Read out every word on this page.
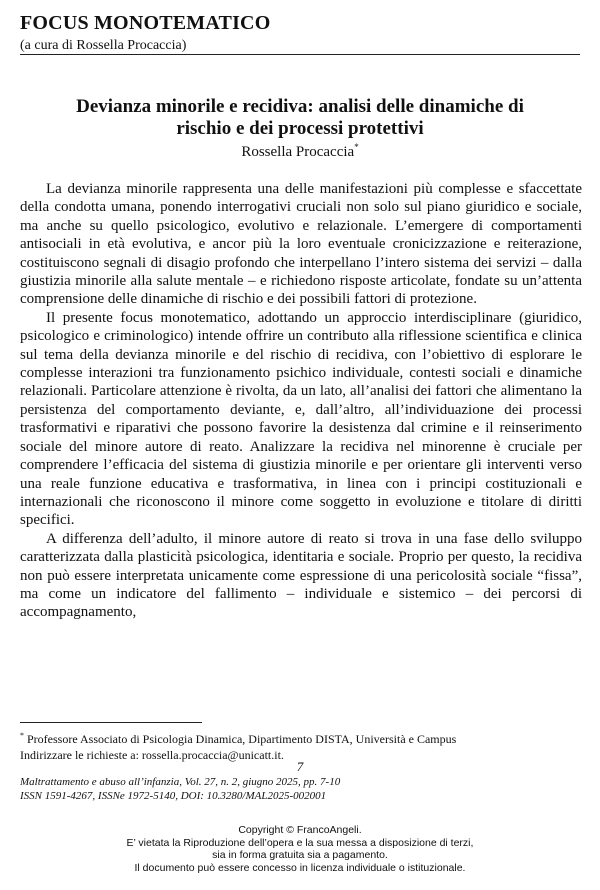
FOCUS MONOTEMATICO
(a cura di Rossella Procaccia)
Devianza minorile e recidiva: analisi delle dinamiche di
rischio e dei processi protettivi
Rossella Procaccia*

La devianza minorile rappresenta una delle manifestazioni più complesse e sfaccettate della condotta umana, ponendo interrogativi cruciali non solo sul piano giuridico e sociale, ma anche su quello psicologico, evolutivo e relazionale. L’emergere di comportamenti antisociali in età evolutiva, e ancor più la loro eventuale cronicizzazione e reiterazione, costituiscono segnali di disagio profondo che interpellano l’intero sistema dei servizi – dalla giustizia minorile alla salute mentale – e richiedono risposte articolate, fondate su un’attenta comprensione delle dinamiche di rischio e dei possibili fattori di protezione.

Il presente focus monotematico, adottando un approccio interdisciplinare (giuridico, psicologico e criminologico) intende offrire un contributo alla riflessione scientifica e clinica sul tema della devianza minorile e del rischio di recidiva, con l’obiettivo di esplorare le complesse interazioni tra funzionamento psichico individuale, contesti sociali e dinamiche relazionali. Particolare attenzione è rivolta, da un lato, all’analisi dei fattori che alimentano la persistenza del comportamento deviante, e, dall’altro, all’individuazione dei processi trasformativi e riparativi che possono favorire la desistenza dal crimine e il reinserimento sociale del minore autore di reato. Analizzare la recidiva nel minorenne è cruciale per comprendere l’efficacia del sistema di giustizia minorile e per orientare gli interventi verso una reale funzione educativa e trasformativa, in linea con i principi costituzionali e internazionali che riconoscono il minore come soggetto in evoluzione e titolare di diritti specifici.

A differenza dell’adulto, il minore autore di reato si trova in una fase dello sviluppo caratterizzata dalla plasticità psicologica, identitaria e sociale. Proprio per questo, la recidiva non può essere interpretata unicamente come espressione di una pericolosità sociale “fissa”, ma come un indicatore del fallimento – individuale e sistemico – dei percorsi di accompagnamento,

* Professore Associato di Psicologia Dinamica, Dipartimento DISTA, Università e Campus
Indirizzare le richieste a: rossella.procaccia@unicatt.it.
7
Maltrattamento e abuso all’infanzia, Vol. 27, n. 2, giugno 2025, pp. 7-10
ISSN 1591-4267, ISSNe 1972-5140, DOI: 10.3280/MAL2025-002001
Copyright © FrancoAngeli.
E’ vietata la Riproduzione dell’opera e la sua messa a disposizione di terzi,
sia in forma gratuita sia a pagamento.
Il documento può essere concesso in licenza individuale o istituzionale.
